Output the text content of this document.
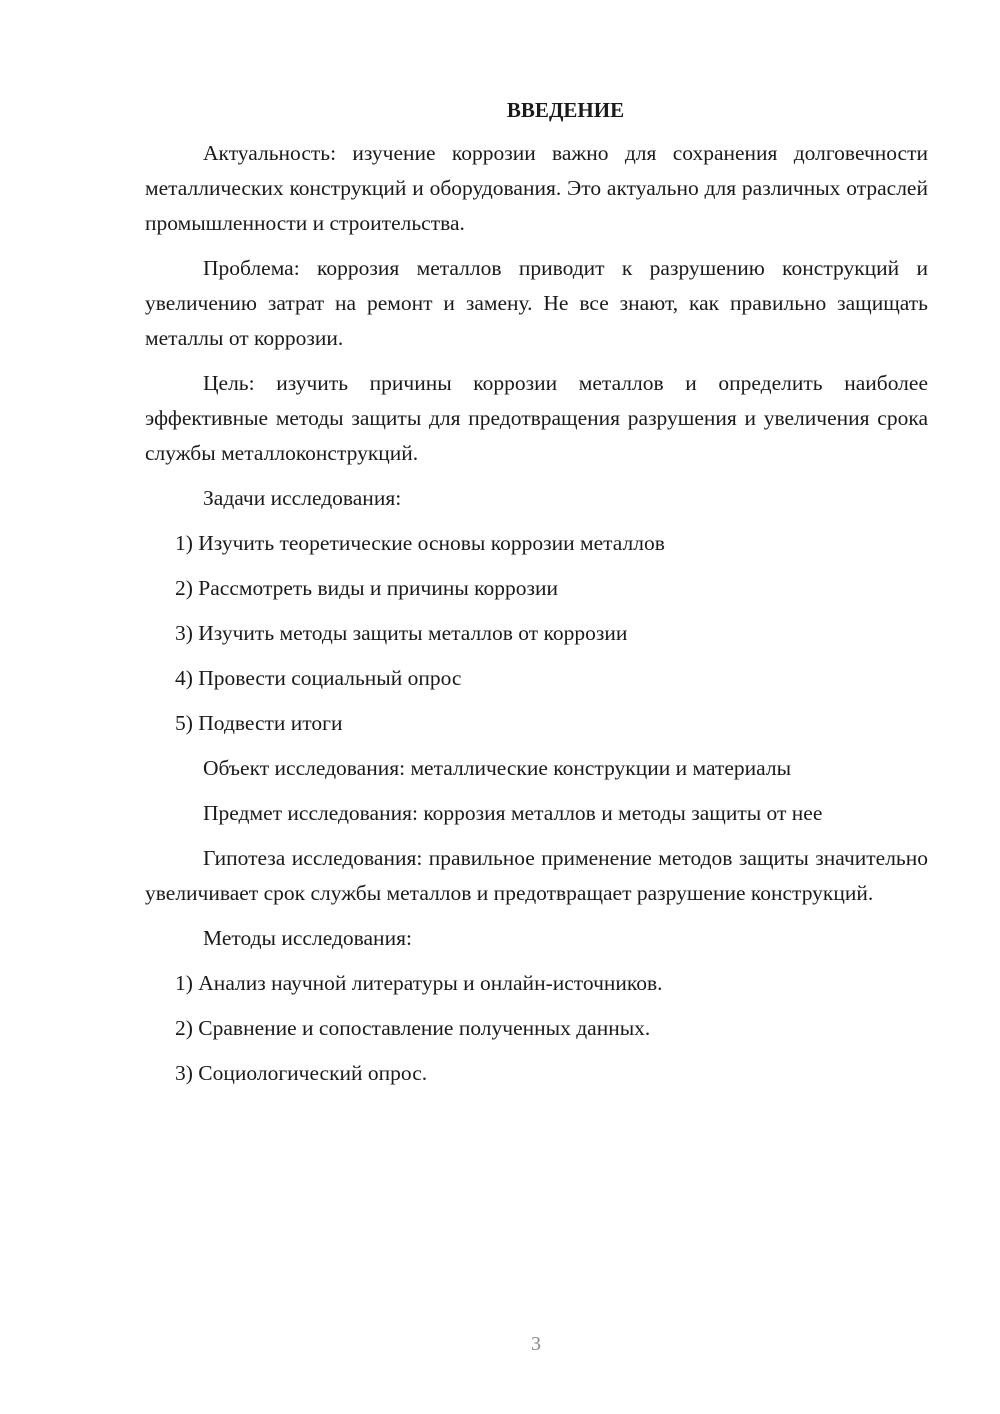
ВВЕДЕНИЕ

Актуальность: изучение коррозии важно для сохранения долговечности металлических конструкций и оборудования. Это актуально для различных отраслей промышленности и строительства.

Проблема: коррозия металлов приводит к разрушению конструкций и увеличению затрат на ремонт и замену. Не все знают, как правильно защищать металлы от коррозии.

Цель: изучить причины коррозии металлов и определить наиболее эффективные методы защиты для предотвращения разрушения и увеличения срока службы металлоконструкций.

Задачи исследования:
1) Изучить теоретические основы коррозии металлов
2) Рассмотреть виды и причины коррозии
3) Изучить методы защиты металлов от коррозии
4) Провести социальный опрос
5) Подвести итоги
Объект исследования: металлические конструкции и материалы
Предмет исследования: коррозия металлов и методы защиты от нее

Гипотеза исследования: правильное применение методов защиты значительно увеличивает срок службы металлов и предотвращает разрушение конструкций.

Методы исследования:
1) Анализ научной литературы и онлайн-источников.
2) Сравнение и сопоставление полученных данных.
3) Социологический опрос.
3
